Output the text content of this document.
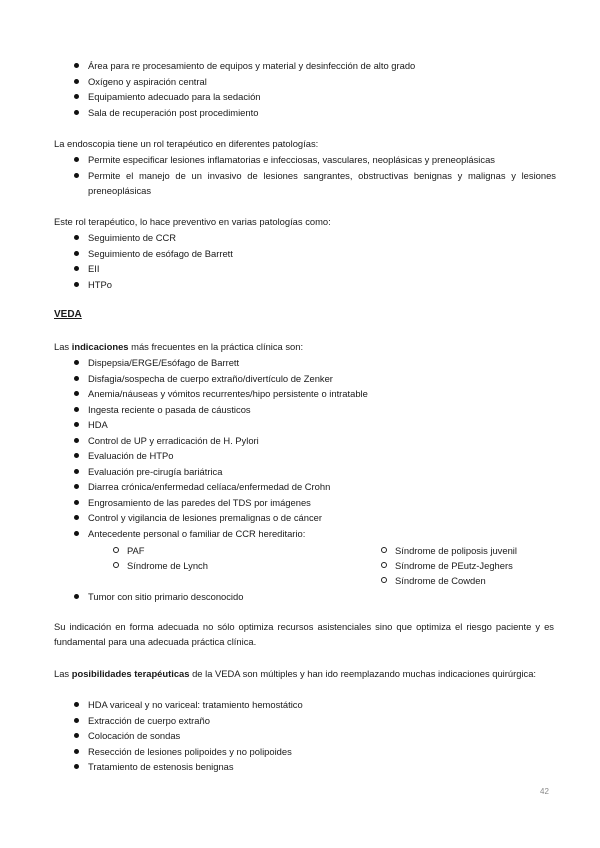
Área para re procesamiento de equipos y material y desinfección de alto grado
Oxígeno y aspiración central
Equipamiento adecuado para la sedación
Sala de recuperación post procedimiento
La endoscopia tiene un rol terapéutico en diferentes patologías:
Permite especificar lesiones inflamatorias e infecciosas, vasculares, neoplásicas y preneoplásicas
Permite el manejo de un invasivo de lesiones sangrantes, obstructivas benignas y malignas y lesiones preneoplásicas
Este rol terapéutico, lo hace preventivo en varias patologías como:
Seguimiento de CCR
Seguimiento de esófago de Barrett
EII
HTPo
VEDA
Las indicaciones más frecuentes en la práctica clínica son:
Dispepsia/ERGE/Esófago de Barrett
Disfagia/sospecha de cuerpo extraño/divertículo de Zenker
Anemia/náuseas y vómitos recurrentes/hipo persistente o intratable
Ingesta reciente o pasada de cáusticos
HDA
Control de UP y erradicación de H. Pylori
Evaluación de HTPo
Evaluación pre-cirugía bariátrica
Diarrea crónica/enfermedad celíaca/enfermedad de Crohn
Engrosamiento de las paredes del TDS por imágenes
Control y vigilancia de lesiones premalignas o de cáncer
Antecedente personal o familiar de CCR hereditario:
PAF
Síndrome de Lynch
Síndrome de poliposis juvenil
Síndrome de PEutz-Jeghers
Síndrome de Cowden
Tumor con sitio primario desconocido
Su indicación en forma adecuada no sólo optimiza recursos asistenciales sino que optimiza el riesgo paciente y es fundamental para una adecuada práctica clínica.
Las posibilidades terapéuticas de la VEDA son múltiples y han ido reemplazando muchas indicaciones quirúrgica:
HDA variceal y no variceal: tratamiento hemostático
Extracción de cuerpo extraño
Colocación de sondas
Resección de lesiones polipoides y no polipoides
Tratamiento de estenosis benignas
42
